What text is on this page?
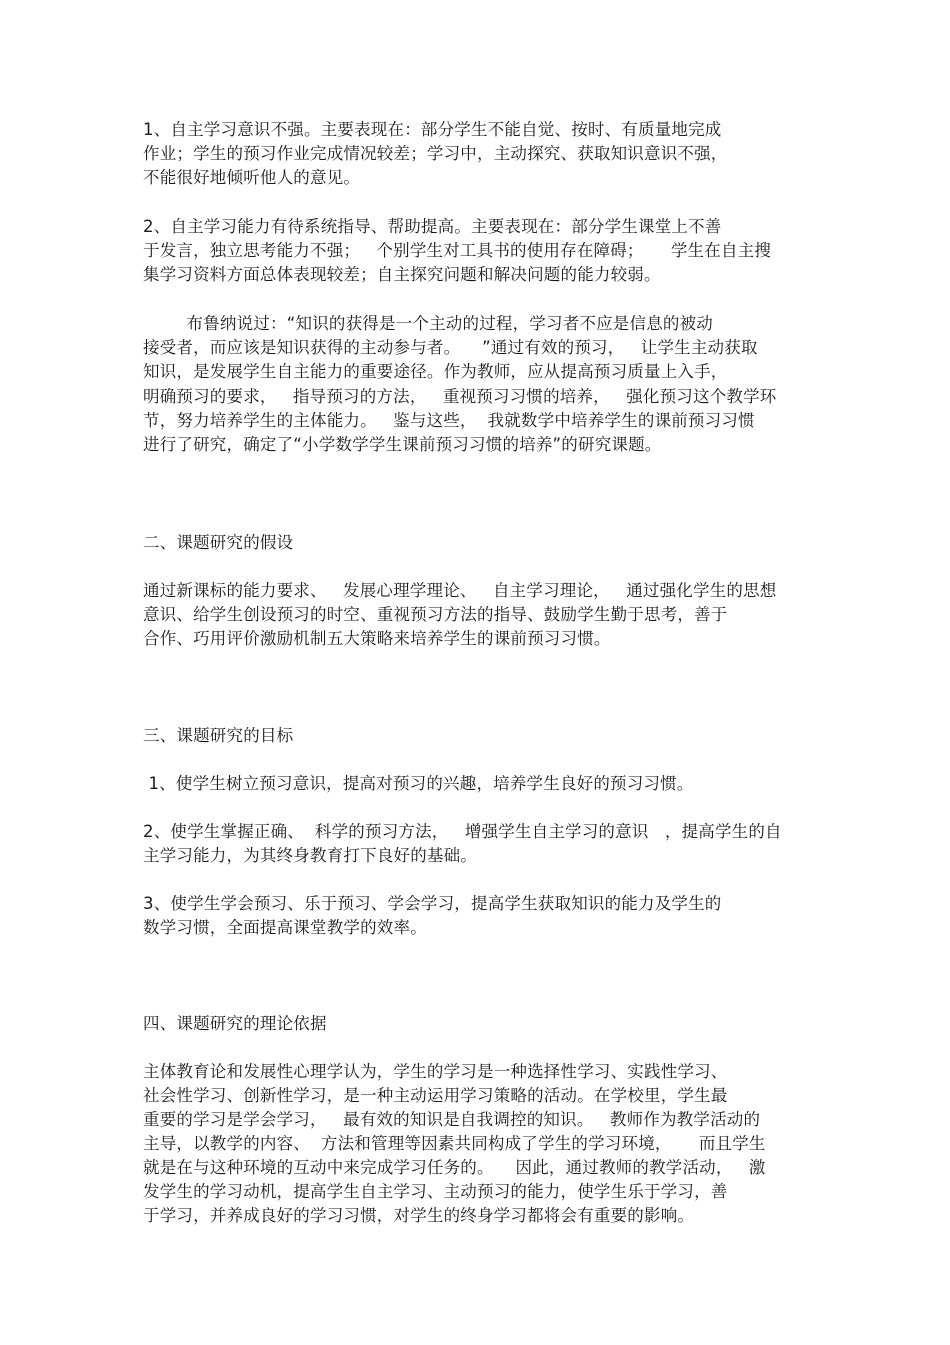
1、自主学习意识不强。主要表现在：部分学生不能自觉、按时、有质量地完成
作业；学生的预习作业完成情况较差；学习中，主动探究、获取知识意识不强，
不能很好地倾听他人的意见。
2、自主学习能力有待系统指导、帮助提高。主要表现在：部分学生课堂上不善
于发言，独立思考能力不强；   个别学生对工具书的使用存在障碍；     学生在自主搜
集学习资料方面总体表现较差；自主探究问题和解决问题的能力较弱。
布鲁纳说过：“知识的获得是一个主动的过程，学习者不应是信息的被动
接受者，而应该是知识获得的主动参与者。    ”通过有效的预习，   让学生主动获取
知识，是发展学生自主能力的重要途径。作为教师，应从提高预习质量上入手，
明确预习的要求，   指导预习的方法，   重视预习习惯的培养，   强化预习这个教学环
节，努力培养学生的主体能力。   鉴与这些，  我就数学中培养学生的课前预习习惯
进行了研究，确定了“小学数学学生课前预习习惯的培养”的研究课题。
二、课题研究的假设
通过新课标的能力要求、   发展心理学理论、   自主学习理论，   通过强化学生的思想
意识、给学生创设预习的时空、重视预习方法的指导、鼓励学生勤于思考，善于
合作、巧用评价激励机制五大策略来培养学生的课前预习习惯。
三、课题研究的目标
1、使学生树立预习意识，提高对预习的兴趣，培养学生良好的预习习惯。
2、使学生掌握正确、  科学的预习方法，   增强学生自主学习的意识   ，提高学生的自
主学习能力，为其终身教育打下良好的基础。
3、使学生学会预习、乐于预习、学会学习，提高学生获取知识的能力及学生的
数学习惯，全面提高课堂教学的效率。
四、课题研究的理论依据
主体教育论和发展性心理学认为，学生的学习是一种选择性学习、实践性学习、
社会性学习、创新性学习，是一种主动运用学习策略的活动。在学校里，学生最
重要的学习是学会学习，   最有效的知识是自我调控的知识。   教师作为教学活动的
主导，以教学的内容、  方法和管理等因素共同构成了学生的学习环境，     而且学生
就是在与这种环境的互动中来完成学习任务的。    因此，通过教师的教学活动，   激
发学生的学习动机，提高学生自主学习、主动预习的能力，使学生乐于学习，善
于学习，并养成良好的学习习惯，对学生的终身学习都将会有重要的影响。
